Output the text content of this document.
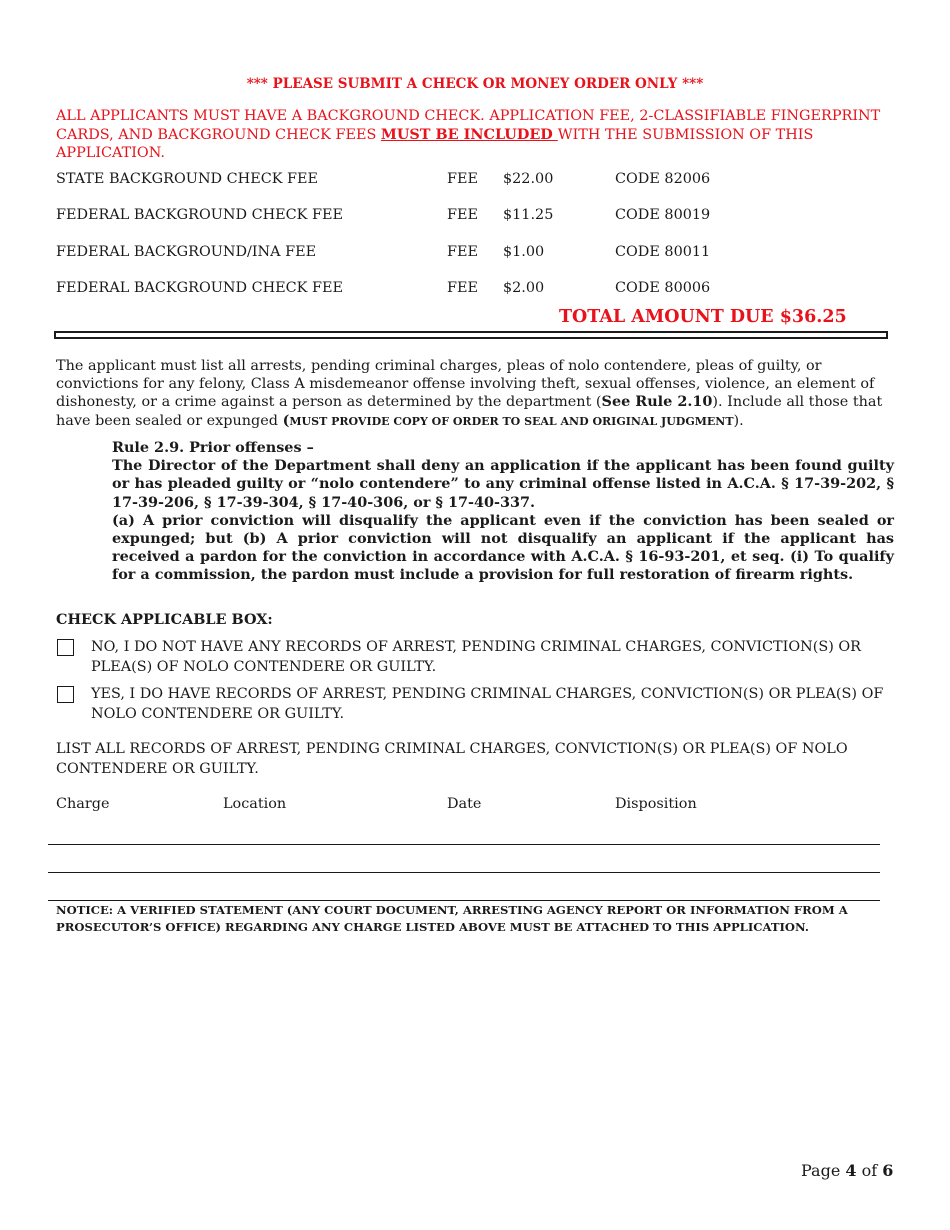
*** PLEASE SUBMIT A CHECK OR MONEY ORDER ONLY ***
ALL APPLICANTS MUST HAVE A BACKGROUND CHECK. APPLICATION FEE, 2-CLASSIFIABLE FINGERPRINT CARDS, AND BACKGROUND CHECK FEES MUST BE INCLUDED WITH THE SUBMISSION OF THIS APPLICATION.
STATE BACKGROUND CHECK FEE	FEE $22.00	CODE 82006
FEDERAL BACKGROUND CHECK FEE	FEE $11.25	CODE 80019
FEDERAL BACKGROUND/INA FEE	FEE $1.00	CODE 80011
FEDERAL BACKGROUND CHECK FEE	FEE $2.00	CODE 80006
TOTAL AMOUNT DUE $36.25
The applicant must list all arrests, pending criminal charges, pleas of nolo contendere, pleas of guilty, or convictions for any felony, Class A misdemeanor offense involving theft, sexual offenses, violence, an element of dishonesty, or a crime against a person as determined by the department (See Rule 2.10). Include all those that have been sealed or expunged (MUST PROVIDE COPY OF ORDER TO SEAL AND ORIGINAL JUDGMENT).

Rule 2.9. Prior offenses –

The Director of the Department shall deny an application if the applicant has been found guilty or has pleaded guilty or “nolo contendere” to any criminal offense listed in A.C.A. § 17-39-202, § 17-39-206, § 17-39-304, § 17-40-306, or § 17-40-337.

(a) A prior conviction will disqualify the applicant even if the conviction has been sealed or expunged; but (b) A prior conviction will not disqualify an applicant if the applicant has received a pardon for the conviction in accordance with A.C.A. § 16-93-201, et seq. (i) To qualify for a commission, the pardon must include a provision for full restoration of firearm rights.

CHECK APPLICABLE BOX:
NO, I DO NOT HAVE ANY RECORDS OF ARREST, PENDING CRIMINAL CHARGES, CONVICTION(S) OR PLEA(S) OF NOLO CONTENDERE OR GUILTY.
YES, I DO HAVE RECORDS OF ARREST, PENDING CRIMINAL CHARGES, CONVICTION(S) OR PLEA(S) OF NOLO CONTENDERE OR GUILTY.
LIST ALL RECORDS OF ARREST, PENDING CRIMINAL CHARGES, CONVICTION(S) OR PLEA(S) OF NOLO CONTENDERE OR GUILTY.
Charge	Location	Date	Disposition
NOTICE: A VERIFIED STATEMENT (ANY COURT DOCUMENT, ARRESTING AGENCY REPORT OR INFORMATION FROM A PROSECUTOR’S OFFICE) REGARDING ANY CHARGE LISTED ABOVE MUST BE ATTACHED TO THIS APPLICATION.
Page 4 of 6
